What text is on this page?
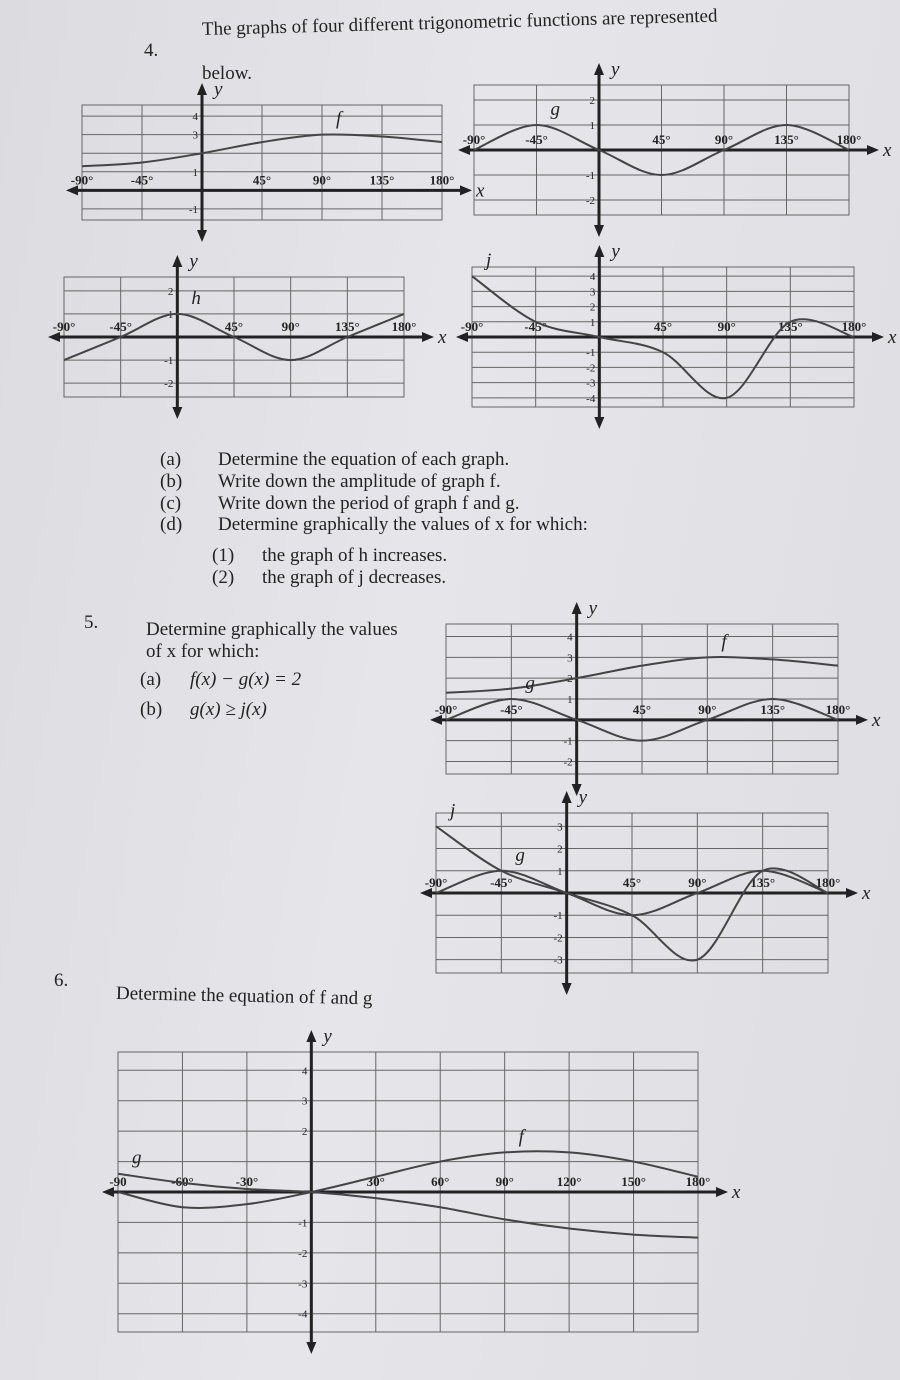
4.
The graphs of four different trigonometric functions are represented
below.
x
y
-90°	-45°	45°	90°	135°	180°
4
3
1
-1
f
x
y
-90°	-45°	45°	90°	135°	180°
2
1
-1
-2
g
x
y
-90°	-45°	45°	90°	135° 180°
2
1
-1
-2
h
x
y
-90°	-45°	45°	90°	135°	180°
4
3
2
1
-1
-2
-3
-4
j
(a) Determine the equation of each graph.
(b) Write down the amplitude of graph f.
(c) Write down the period of graph f and g.
(d) Determine graphically the values of x for which:
(1) the graph of h increases.
(2) the graph of j decreases.
5.	Determine graphically the values
of x for which:
(a) f(x) − g(x) = 2
(b) g(x) ≥ j(x)
x
y
-90°	-45°	45°	90°	135°	180°
4
3
2
1
-1
-2
f
g
x
y
-90°	-45°	45°	90°	135°	180°
3
2
1
-1
-2
-3
g
j
6.
Determine the equation of f and g
x
y
-90	-60°	-30°	30°	60°	90°	120°	150°	180°
4
3
2
-1
-2
-3
-4
f
g
